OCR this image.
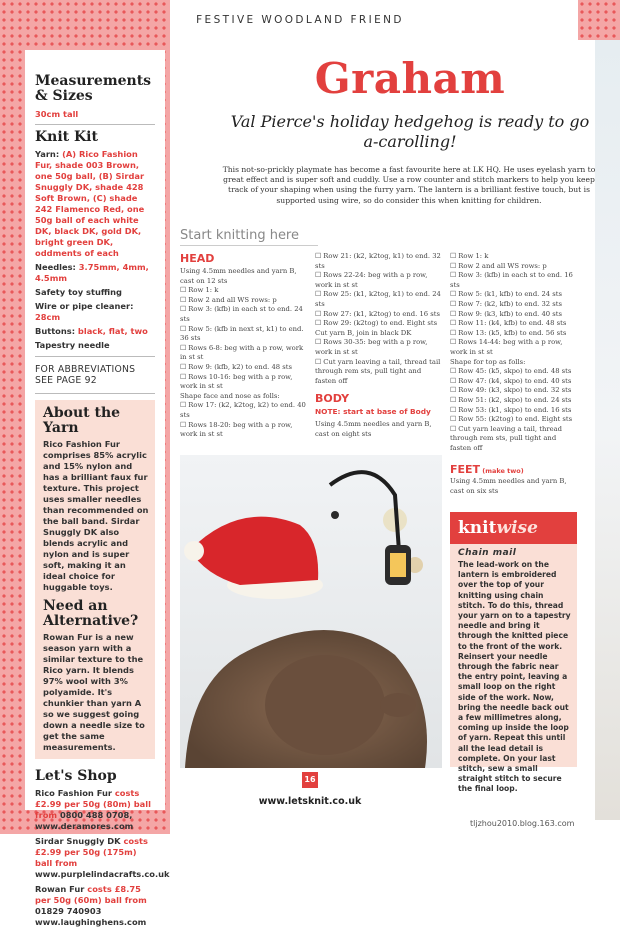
FESTIVE WOODLAND FRIEND
Measurements & Sizes
30cm tall
Knit Kit
Yarn: (A) Rico Fashion Fur, shade 003 Brown, one 50g ball, (B) Sirdar Snuggly DK, shade 428 Soft Brown, (C) shade 242 Flamenco Red, one 50g ball of each white DK, black DK, gold DK, bright green DK, oddments of each
Needles: 3.75mm, 4mm, 4.5mm
Safety toy stuffing
Wire or pipe cleaner: 28cm
Buttons: black, flat, two
Tapestry needle
FOR ABBREVIATIONS SEE PAGE 92
About the Yarn
Rico Fashion Fur comprises 85% acrylic and 15% nylon and has a brilliant faux fur texture. This project uses smaller needles than recommended on the ball band. Sirdar Snuggly DK also blends acrylic and nylon and is super soft, making it an ideal choice for huggable toys.
Need an Alternative?
Rowan Fur is a new season yarn with a similar texture to the Rico yarn. It blends 97% wool with 3% polyamide. It's chunkier than yarn A so we suggest going down a needle size to get the same measurements.
Let's Shop
Rico Fashion Fur costs £2.99 per 50g (80m) ball from 0800 488 0708, www.deramores.com
Sirdar Snuggly DK costs £2.99 per 50g (175m) ball from www.purplelindacrafts.co.uk
Rowan Fur costs £8.75 per 50g (60m) ball from 01829 740903 www.laughinghens.com
Graham
Val Pierce's holiday hedgehog is ready to go a-carolling!
This not-so-prickly playmate has become a fast favourite here at LK HQ. He uses eyelash yarn to great effect and is super soft and cuddly. Use a row counter and stitch markers to help you keep track of your shaping when using the furry yarn. The lantern is a brilliant festive touch, but is supported using wire, so do consider this when knitting for children.
Start knitting here
HEAD
Using 4.5mm needles and yarn B, cast on 12 sts
☐ Row 1: k
☐ Row 2 and all WS rows: p
☐ Row 3: (kfb) in each st to end. 24 sts
☐ Row 5: (kfb in next st, k1) to end. 36 sts
☐ Rows 6-8: beg with a p row, work in st st
☐ Row 9: (kfb, k2) to end. 48 sts
☐ Rows 10-16: beg with a p row, work in st st
Shape face and nose as folls:
☐ Row 17: (k2, k2tog, k2) to end. 40 sts
☐ Rows 18-20: beg with a p row, work in st st
☐ Row 21: (k2, k2tog, k1) to end. 32 sts
☐ Rows 22-24: beg with a p row, work in st st
☐ Row 25: (k1, k2tog, k1) to end. 24 sts
☐ Row 27: (k1, k2tog) to end. 16 sts
☐ Row 29: (k2tog) to end. Eight sts
Cut yarn B, join in black DK
☐ Rows 30-35: beg with a p row, work in st st
☐ Cut yarn leaving a tail, thread tail through rem sts, pull tight and fasten off
BODY
NOTE: start at base of Body
Using 4.5mm needles and yarn B, cast on eight sts
☐ Row 1: k
☐ Row 2 and all WS rows: p
☐ Row 3: (kfb) in each st to end. 16 sts
☐ Row 5: (k1, kfb) to end. 24 sts
☐ Row 7: (k2, kfb) to end. 32 sts
☐ Row 9: (k3, kfb) to end. 40 sts
☐ Row 11: (k4, kfb) to end. 48 sts
☐ Row 13: (k5, kfb) to end. 56 sts
☐ Rows 14-44: beg with a p row, work in st st
Shape for top as folls:
☐ Row 45: (k5, skpo) to end. 48 sts
☐ Row 47: (k4, skpo) to end. 40 sts
☐ Row 49: (k3, skpo) to end. 32 sts
☐ Row 51: (k2, skpo) to end. 24 sts
☐ Row 53: (k1, skpo) to end. 16 sts
☐ Row 55: (k2tog) to end. Eight sts
☐ Cut yarn leaving a tail, thread through rem sts, pull tight and fasten off
FEET (make two)
Using 4.5mm needles and yarn B, cast on six sts
knitwise
Chain mail
The lead-work on the lantern is embroidered over the top of your knitting using chain stitch. To do this, thread your yarn on to a tapestry needle and bring it through the knitted piece to the front of the work. Reinsert your needle through the fabric near the entry point, leaving a small loop on the right side of the work. Now, bring the needle back out a few millimetres along, coming up inside the loop of yarn. Repeat this until all the lead detail is complete. On your last stitch, sew a small straight stitch to secure the final loop.
16
www.letsknit.co.uk
tljzhou2010.blog.163.com
